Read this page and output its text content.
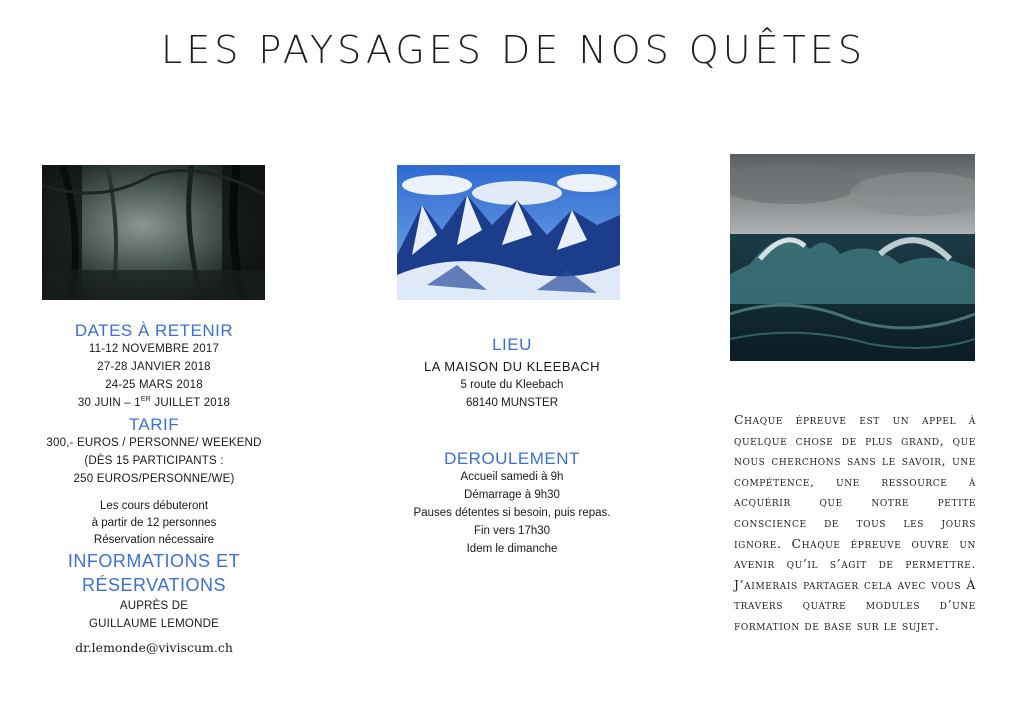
LES PAYSAGES DE NOS QUÊTES
DATES À RETENIR
11-12 NOVEMBRE 2017
27-28 JANVIER 2018
24-25 MARS 2018
30 JUIN – 1ER JUILLET 2018
TARIF
300,- EUROS / PERSONNE/ WEEKEND
(DÈS 15 PARTICIPANTS :
250 EUROS/PERSONNE/WE)
Les cours débuteront
à partir de 12 personnes
Réservation nécessaire
INFORMATIONS ET
RÉSERVATIONS
AUPRÈS DE
GUILLAUME LEMONDE
dr.lemonde@viviscum.ch
LIEU
LA MAISON DU KLEEBACH
5 route du Kleebach
68140 MUNSTER
DEROULEMENT
Accueil samedi à 9h
Démarrage à 9h30
Pauses détentes si besoin, puis repas.
Fin vers 17h30
Idem le dimanche
Chaque épreuve est un appel à quelque chose de plus grand, que nous cherchons sans le savoir, une compétence, une ressource à acquérir que notre petite conscience de tous les jours ignore. Chaque épreuve ouvre un avenir qu’il s’agit de permettre. J’aimerais partager cela avec vous À travers quatre modules d’une formation de base sur le sujet.
